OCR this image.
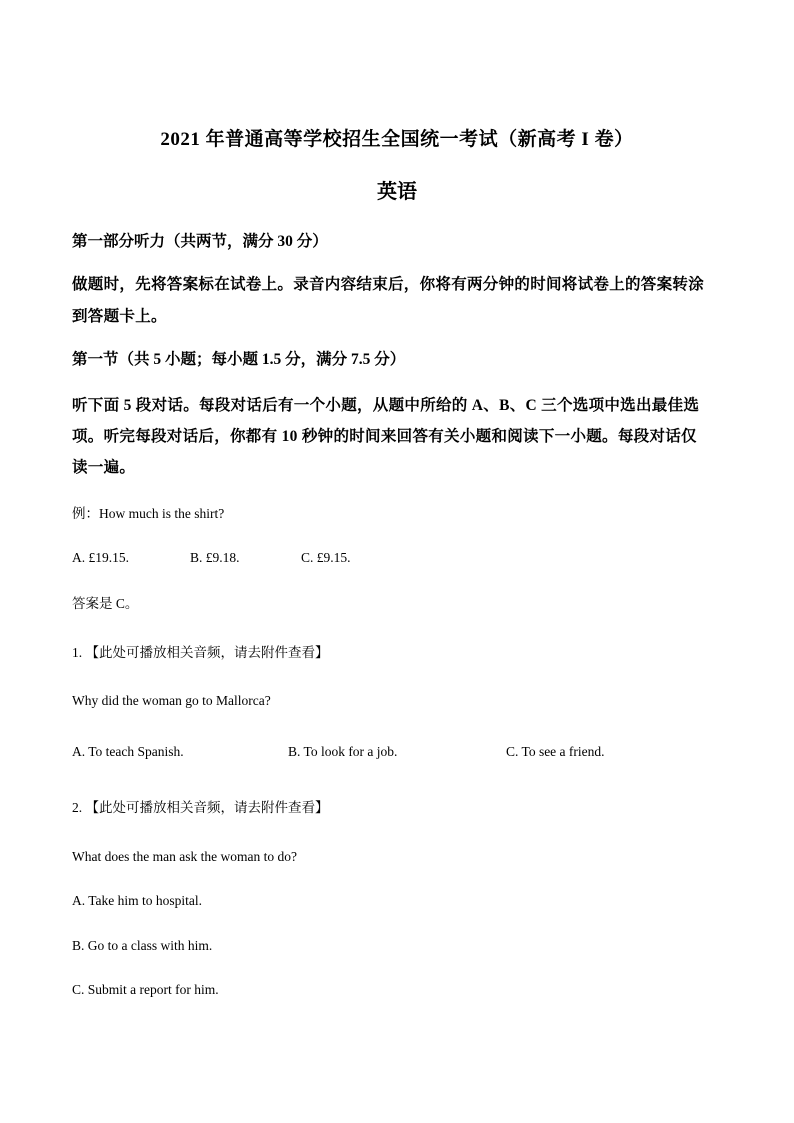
2021 年普通高等学校招生全国统一考试（新高考 I 卷）
英语
第一部分听力（共两节，满分 30 分）
做题时，先将答案标在试卷上。录音内容结束后，你将有两分钟的时间将试卷上的答案转涂
到答题卡上。
第一节（共 5 小题；每小题 1.5 分，满分 7.5 分）
听下面 5 段对话。每段对话后有一个小题，从题中所给的 A、B、C 三个选项中选出最佳选
项。听完每段对话后，你都有 10 秒钟的时间来回答有关小题和阅读下一小题。每段对话仅
读一遍。
例：How much is the shirt?
A. £19.15.	B. £9.18.	C. £9.15.
答案是 C。
1. 【此处可播放相关音频，请去附件查看】
Why did the woman go to Mallorca?
A. To teach Spanish.	B. To look for a job.	C. To see a friend.
2. 【此处可播放相关音频，请去附件查看】
What does the man ask the woman to do?
A. Take him to hospital.
B. Go to a class with him.
C. Submit a report for him.
